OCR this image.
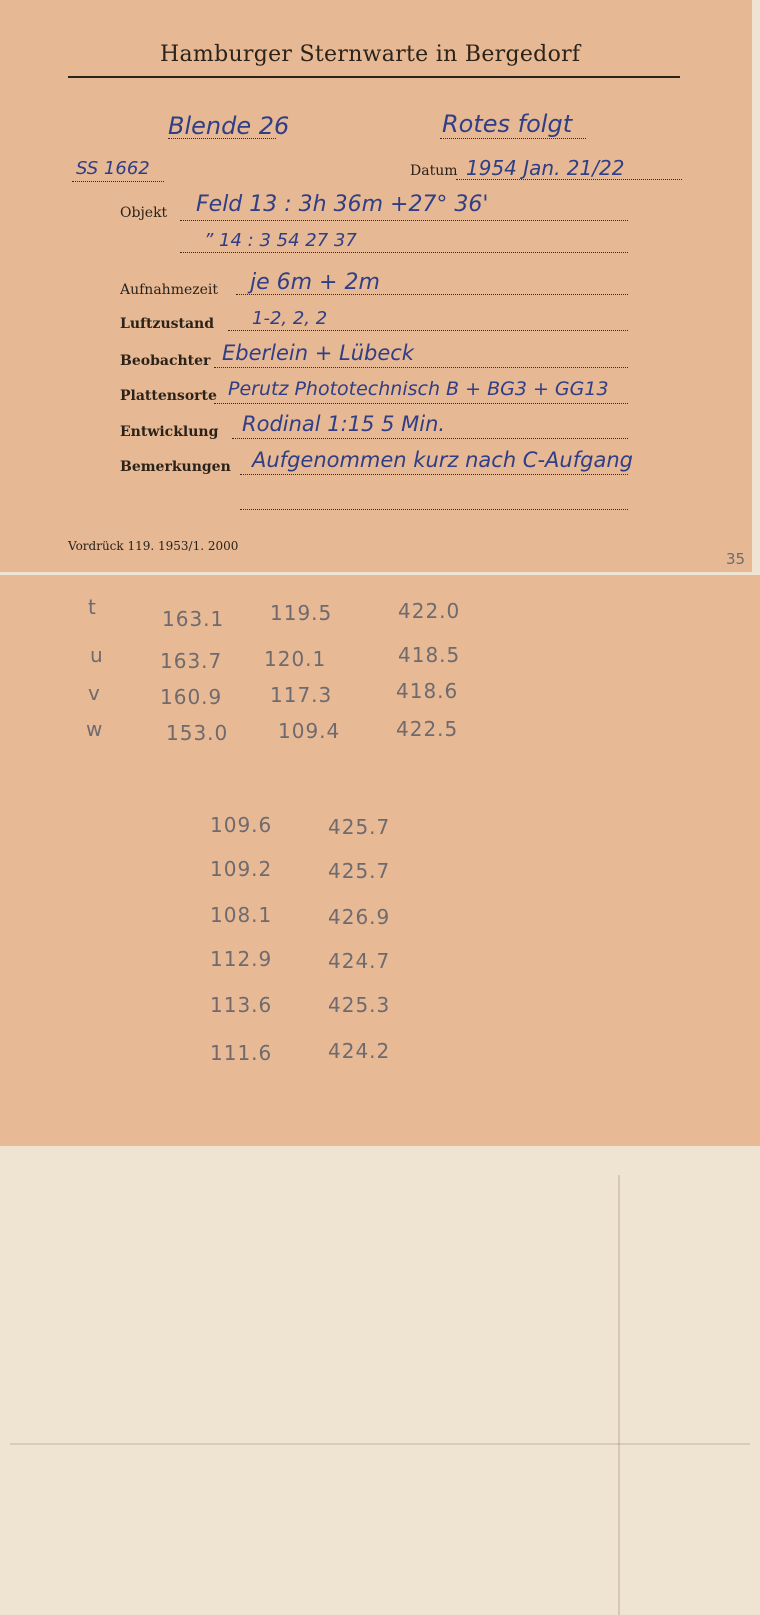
Hamburger Sternwarte in Bergedorf
Blende 26	Rotes folgt
SS 1662	Datum 1954 Jan. 21/22
Objekt Feld 13 : 3h 36m +27° 36'
” 14 : 3 54 27 37
Aufnahmezeit je 6m + 2m
Luftzustand 1-2, 2, 2
Beobachter Eberlein + Lübeck
Plattensorte Perutz Phototechnisch B + BG3 + GG13
Entwicklung Rodinal 1:15 5 Min.
Bemerkungen Aufgenommen kurz nach C-Aufgang
Vordrück 119. 1953/1. 2000
35
t	163.1 119.5	422.0
u	163.7 120.1	418.5
v	160.9 117.3	418.6
w	153.0 109.4	422.5
109.6	425.7
109.2	425.7
108.1	426.9
112.9	424.7
113.6	425.3
111.6	424.2
